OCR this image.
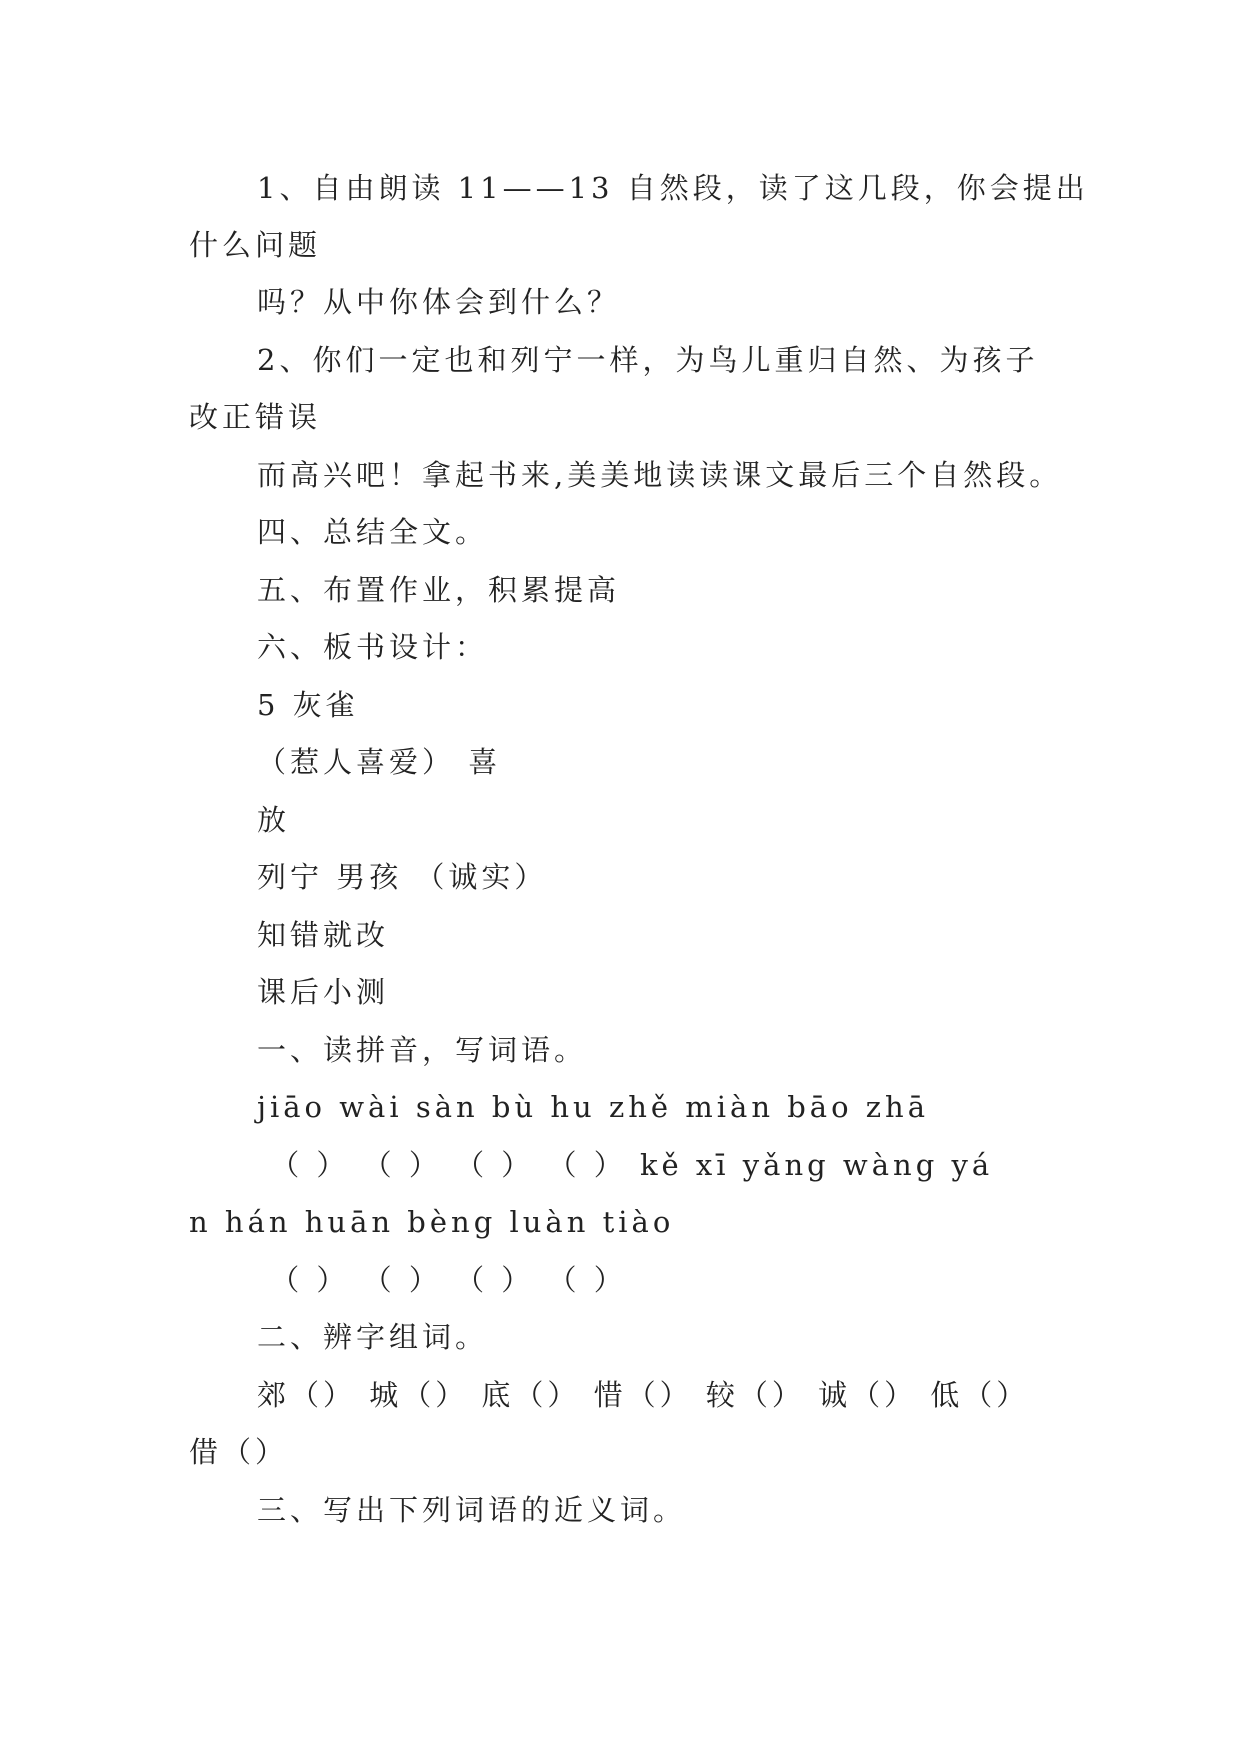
1、自由朗读 11——13 自然段，读了这几段，你会提出
什么问题
吗？从中你体会到什么？
2、你们一定也和列宁一样，为鸟儿重归自然、为孩子
改正错误
而高兴吧！拿起书来,美美地读读课文最后三个自然段。
四、总结全文。
五、布置作业，积累提高
六、板书设计：
5 灰雀
（惹人喜爱） 喜
放
列宁 男孩 （诚实）
知错就改
课后小测
一、读拼音，写词语。
jiāo wài sàn bù hu zhě miàn bāo zhā
（ ） （ ） （ ） （ ） kě xī yǎng wàng yá
n hán huān bèng luàn tiào
（ ） （ ） （ ） （ ）
二、辨字组词。
郊（） 城（） 底（） 惜（） 较（） 诚（） 低（）
借（）
三、写出下列词语的近义词。
